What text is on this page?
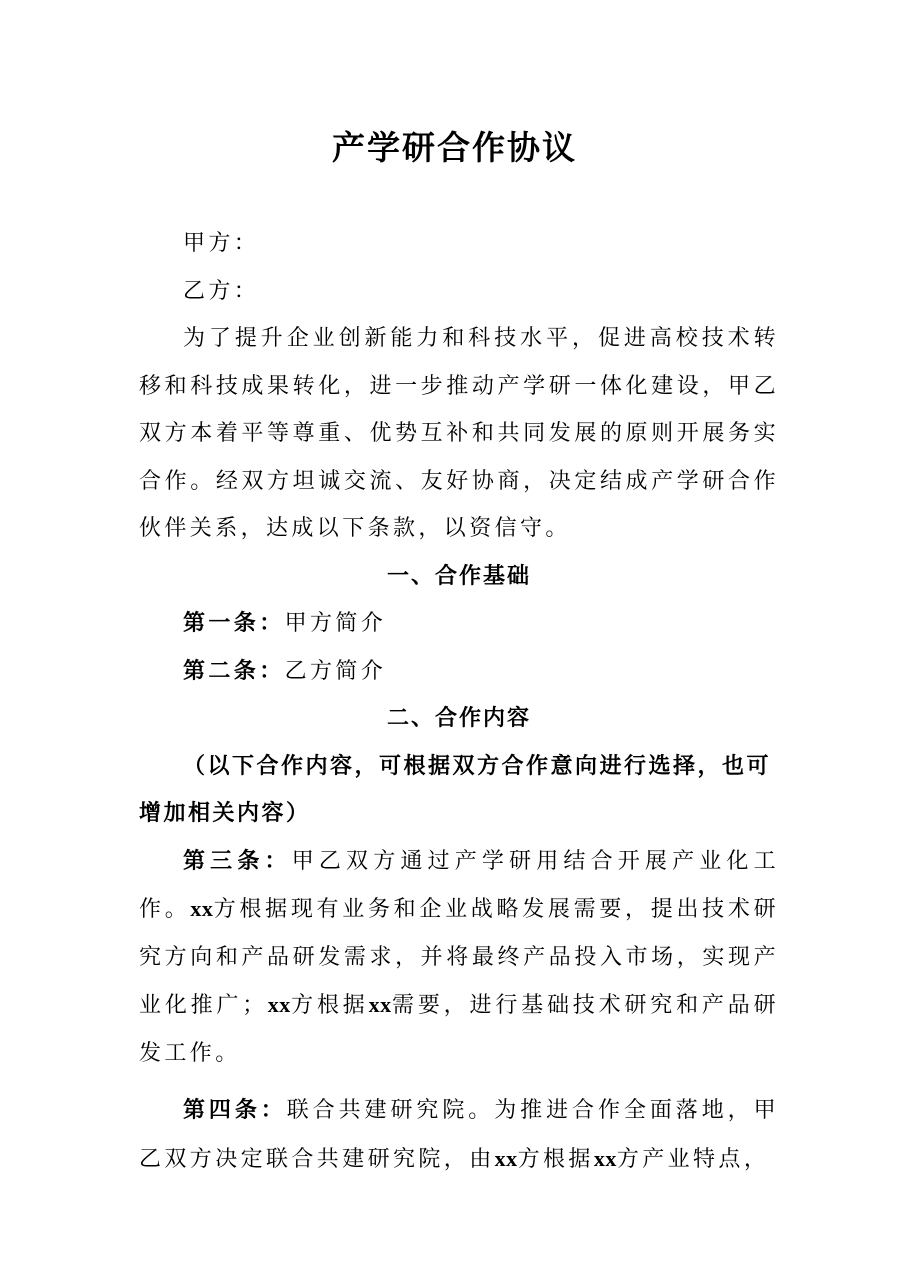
产学研合作协议

甲方：

乙方：

为了提升企业创新能力和科技水平，促进高校技术转移和科技成果转化，进一步推动产学研一体化建设，甲乙双方本着平等尊重、优势互补和共同发展的原则开展务实合作。经双方坦诚交流、友好协商，决定结成产学研合作伙伴关系，达成以下条款，以资信守。

一、合作基础

第一条：甲方简介

第二条：乙方简介

二、合作内容

（以下合作内容，可根据双方合作意向进行选择，也可增加相关内容）

第三条：甲乙双方通过产学研用结合开展产业化工作。xx方根据现有业务和企业战略发展需要，提出技术研究方向和产品研发需求，并将最终产品投入市场，实现产业化推广；xx方根据xx需要，进行基础技术研究和产品研发工作。

第四条：联合共建研究院。为推进合作全面落地，甲乙双方决定联合共建研究院，由xx方根据xx方产业特点，
